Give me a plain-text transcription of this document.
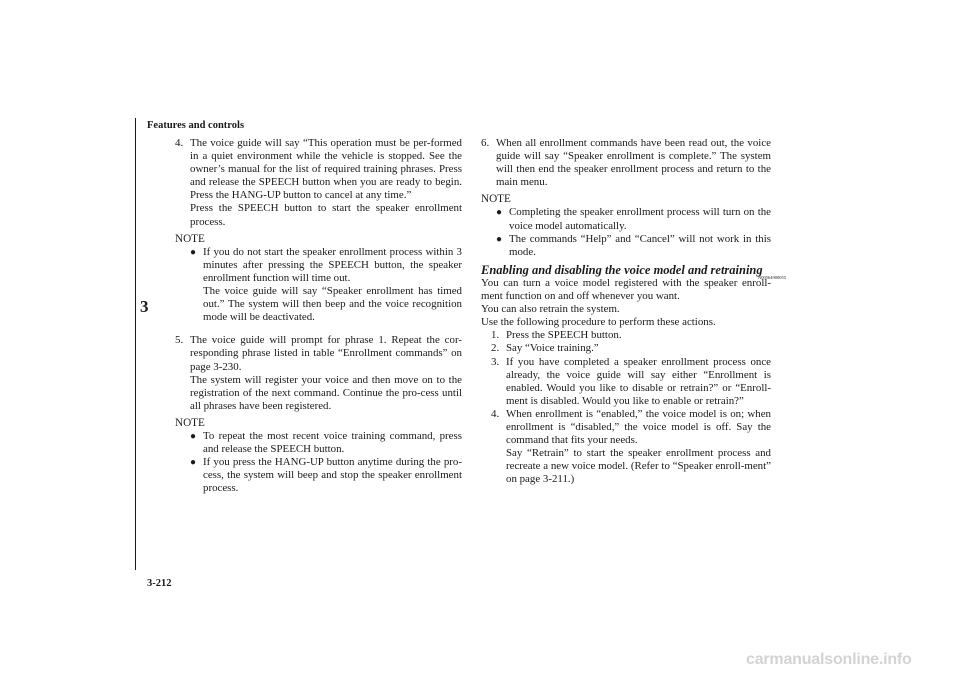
Features and controls
3
3-212
4. The voice guide will say “This operation must be per-formed in a quiet environment while the vehicle is stopped. See the owner’s manual for the list of required training phrases. Press and release the SPEECH button when you are ready to begin. Press the HANG-UP button to cancel at any time.”
Press the SPEECH button to start the speaker enrollment process.
NOTE
● If you do not start the speaker enrollment process within 3 minutes after pressing the SPEECH button, the speaker enrollment function will time out.
The voice guide will say “Speaker enrollment has timed out.” The system will then beep and the voice recognition mode will be deactivated.
5. The voice guide will prompt for phrase 1. Repeat the cor-responding phrase listed in table “Enrollment commands” on page 3-230.
The system will register your voice and then move on to the registration of the next command. Continue the pro-cess until all phrases have been registered.
NOTE
● To repeat the most recent voice training command, press and release the SPEECH button.
● If you press the HANG-UP button anytime during the pro-cess, the system will beep and stop the speaker enrollment process.
6. When all enrollment commands have been read out, the voice guide will say “Speaker enrollment is complete.” The system will then end the speaker enrollment process and return to the main menu.
NOTE
● Completing the speaker enrollment process will turn on the voice model automatically.
● The commands “Help” and “Cancel” will not work in this mode.
Enabling and disabling the voice model and retraining
N00564900055
You can turn a voice model registered with the speaker enroll-ment function on and off whenever you want.
You can also retrain the system.
Use the following procedure to perform these actions.
1. Press the SPEECH button.
2. Say “Voice training.”
3. If you have completed a speaker enrollment process once already, the voice guide will say either “Enrollment is enabled. Would you like to disable or retrain?” or “Enroll-ment is disabled. Would you like to enable or retrain?”
4. When enrollment is “enabled,” the voice model is on; when enrollment is “disabled,” the voice model is off. Say the command that fits your needs.
Say “Retrain” to start the speaker enrollment process and recreate a new voice model. (Refer to “Speaker enroll-ment” on page 3-211.)
carmanualsonline.info
